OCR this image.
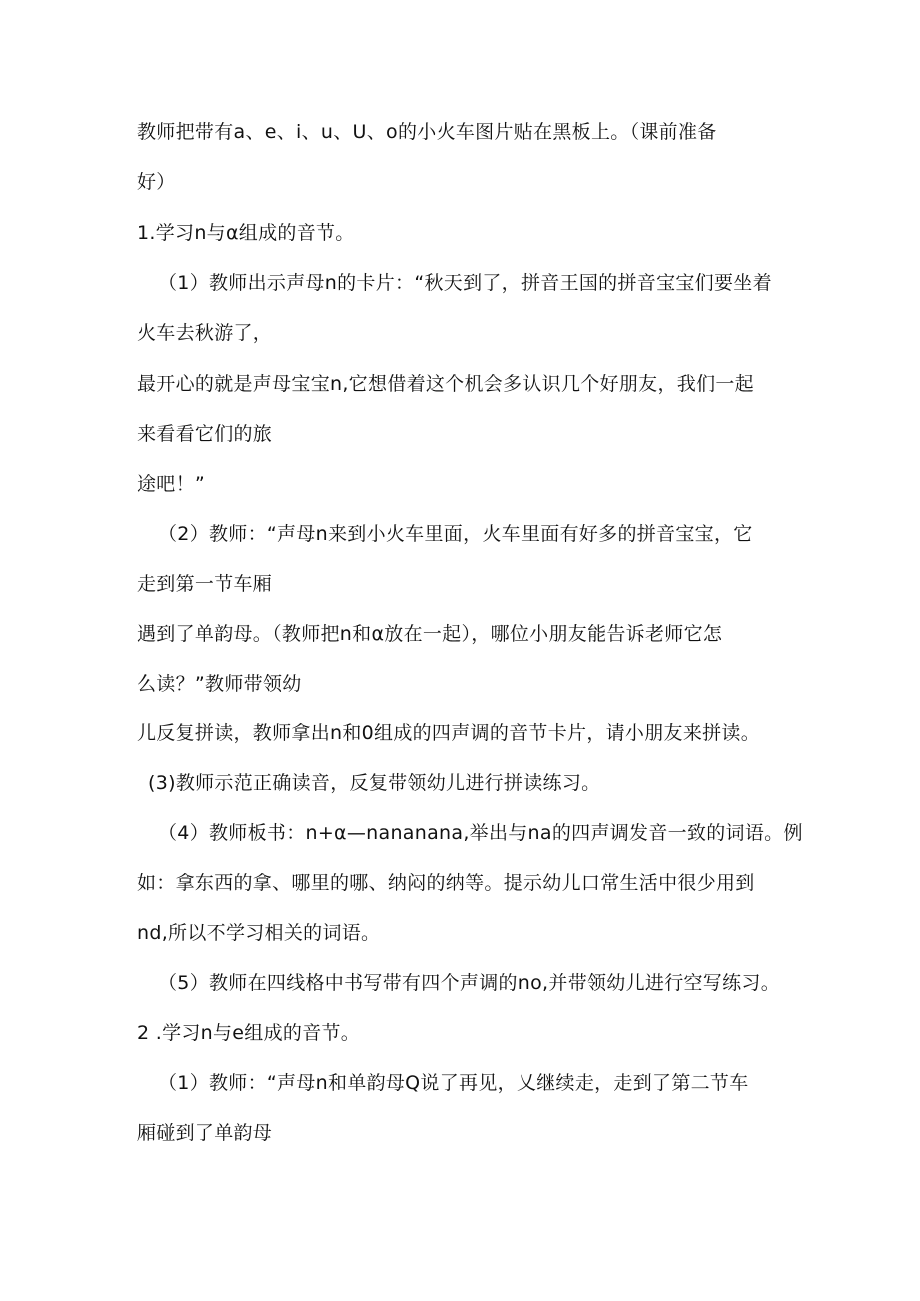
教师把带有a、e、i、u、U、o的小火车图片贴在黑板上。（课前准备
好）
1.学习n与α组成的音节。
（1）教师出示声母n的卡片：“秋天到了，拼音王国的拼音宝宝们要坐着
火车去秋游了，
最开心的就是声母宝宝n,它想借着这个机会多认识几个好朋友，我们一起
来看看它们的旅
途吧！”
（2）教师：“声母n来到小火车里面，火车里面有好多的拼音宝宝，它
走到第一节车厢
遇到了单韵母。（教师把n和α放在一起），哪位小朋友能告诉老师它怎
么读？”教师带领幼
儿反复拼读，教师拿出n和0组成的四声调的音节卡片，请小朋友来拼读。
(3)教师示范正确读音，反复带领幼儿进行拼读练习。
（4）教师板书：n+α—nananana,举出与na的四声调发音一致的词语。例
如：拿东西的拿、哪里的哪、纳闷的纳等。提示幼儿口常生活中很少用到
nd,所以不学习相关的词语。
（5）教师在四线格中书写带有四个声调的no,并带领幼儿进行空写练习。
2 .学习n与e组成的音节。
（1）教师：“声母n和单韵母Q说了再见，乂继续走，走到了第二节车
厢碰到了单韵母
